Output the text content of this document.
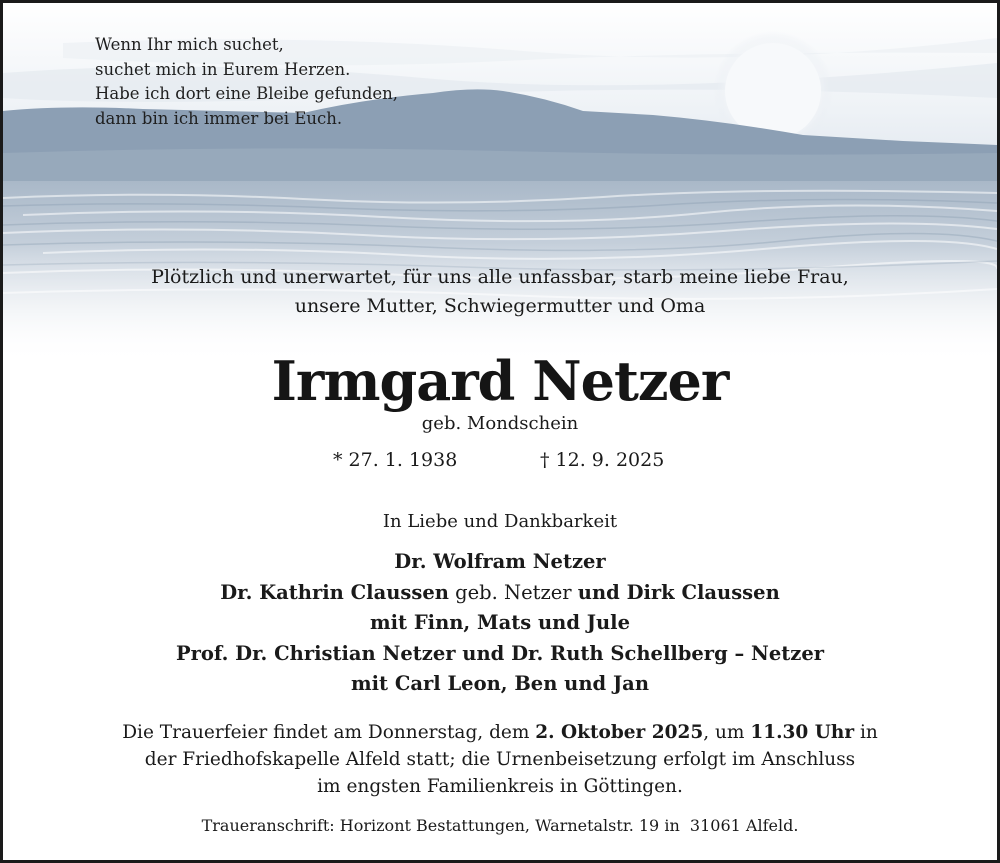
Wenn Ihr mich suchet,
suchet mich in Eurem Herzen.
Habe ich dort eine Bleibe gefunden,
dann bin ich immer bei Euch.
Plötzlich und unerwartet, für uns alle unfassbar, starb meine liebe Frau,
unsere Mutter, Schwiegermutter und Oma
Irmgard Netzer
geb. Mondschein
* 27. 1. 1938	† 12. 9. 2025
In Liebe und Dankbarkeit
Dr. Wolfram Netzer
Dr. Kathrin Claussen geb. Netzer und Dirk Claussen
mit Finn, Mats und Jule
Prof. Dr. Christian Netzer und Dr. Ruth Schellberg – Netzer
mit Carl Leon, Ben und Jan
Die Trauerfeier findet am Donnerstag, dem 2. Oktober 2025, um 11.30 Uhr in
der Friedhofskapelle Alfeld statt; die Urnenbeisetzung erfolgt im Anschluss
im engsten Familienkreis in Göttingen.
Traueranschrift: Horizont Bestattungen, Warnetalstr. 19 in  31061 Alfeld.
